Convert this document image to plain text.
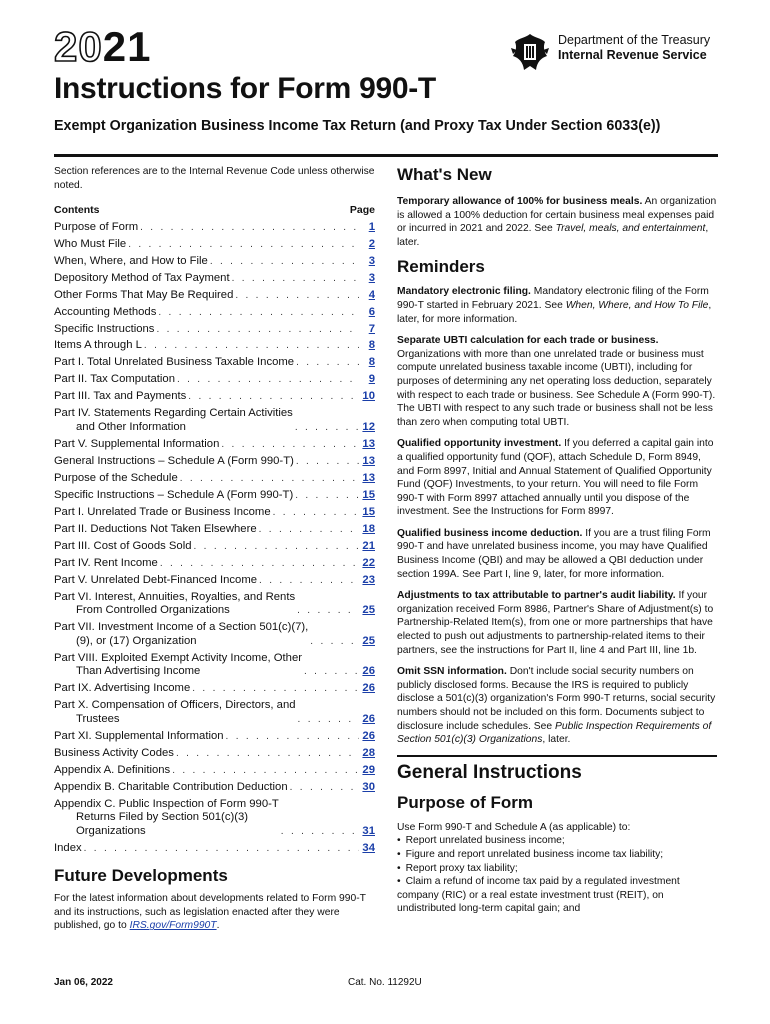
2021	Department of the Treasury
Internal Revenue Service
Instructions for Form 990-T
Exempt Organization Business Income Tax Return (and Proxy Tax Under Section 6033(e))
Section references are to the Internal Revenue Code unless otherwise noted.
Contents	Page
Purpose of Form . . .	1
Who Must File . . .	2
When, Where, and How to File . . .	3
Depository Method of Tax Payment . . .	3
Other Forms That May Be Required . . .	4
Accounting Methods . . .	6
Specific Instructions . . .	7
Items A through L . . .	8
Part I. Total Unrelated Business Taxable Income . . .	8
Part II. Tax Computation . . .	9
Part III. Tax and Payments . . .	10
Part IV. Statements Regarding Certain Activities
and Other Information . . .	12
Part V. Supplemental Information . . .	13
General Instructions – Schedule A (Form 990-T) . . .	13
Purpose of the Schedule . . .	13
Specific Instructions – Schedule A (Form 990-T) . . .	15
Part I. Unrelated Trade or Business Income . . .	15
Part II. Deductions Not Taken Elsewhere . . .	18
Part III. Cost of Goods Sold . . .	21
Part IV. Rent Income . . .	22
Part V. Unrelated Debt-Financed Income . . .	23
Part VI. Interest, Annuities, Royalties, and Rents
From Controlled Organizations . . .	25
Part VII. Investment Income of a Section 501(c)(7),
(9), or (17) Organization . . .	25
Part VIII. Exploited Exempt Activity Income, Other
Than Advertising Income . . .	26
Part IX. Advertising Income . . .	26
Part X. Compensation of Officers, Directors, and
Trustees . . .	26
Part XI. Supplemental Information . . .	26
Business Activity Codes . . .	28
Appendix A. Definitions . . .	29
Appendix B. Charitable Contribution Deduction . . .	30
Appendix C. Public Inspection of Form 990-T
Returns Filed by Section 501(c)(3)
Organizations . . .	31
Index . . .	34
Future Developments

For the latest information about developments related to Form 990-T and its instructions, such as legislation enacted after they were published, go to IRS.gov/Form990T.

What's New

Temporary allowance of 100% for business meals. An organization is allowed a 100% deduction for certain business meal expenses paid or incurred in 2021 and 2022. See Travel, meals, and entertainment, later.

Reminders

Mandatory electronic filing. Mandatory electronic filing of the Form 990-T started in February 2021. See When, Where, and How To File, later, for more information.

Separate UBTI calculation for each trade or business. Organizations with more than one unrelated trade or business must compute unrelated business taxable income (UBTI), including for purposes of determining any net operating loss deduction, separately with respect to each trade or business. See Schedule A (Form 990-T). The UBTI with respect to any such trade or business shall not be less than zero when computing total UBTI.

Qualified opportunity investment. If you deferred a capital gain into a qualified opportunity fund (QOF), attach Schedule D, Form 8949, and Form 8997, Initial and Annual Statement of Qualified Opportunity Fund (QOF) Investments, to your return. You will need to file Form 990-T with Form 8997 attached annually until you dispose of the investment. See the Instructions for Form 8997.

Qualified business income deduction. If you are a trust filing Form 990-T and have unrelated business income, you may have Qualified Business Income (QBI) and may be allowed a QBI deduction under section 199A. See Part I, line 9, later, for more information.

Adjustments to tax attributable to partner's audit liability. If your organization received Form 8986, Partner's Share of Adjustment(s) to Partnership-Related Item(s), from one or more partnerships that have elected to push out adjustments to partnership-related items to their partners, see the instructions for Part II, line 4 and Part III, line 1b.

Omit SSN information. Don't include social security numbers on publicly disclosed forms. Because the IRS is required to publicly disclose a 501(c)(3) organization's Form 990-T returns, social security numbers should not be included on this form. Documents subject to disclosure include schedules. See Public Inspection Requirements of Section 501(c)(3) Organizations, later.

General Instructions
Purpose of Form

Use Form 990-T and Schedule A (as applicable) to:

• Report unrelated business income;
• Figure and report unrelated business income tax liability;
• Report proxy tax liability;
• Claim a refund of income tax paid by a regulated investment company (RIC) or a real estate investment trust (REIT), on undistributed long-term capital gain; and
Jan 06, 2022	Cat. No. 11292U
